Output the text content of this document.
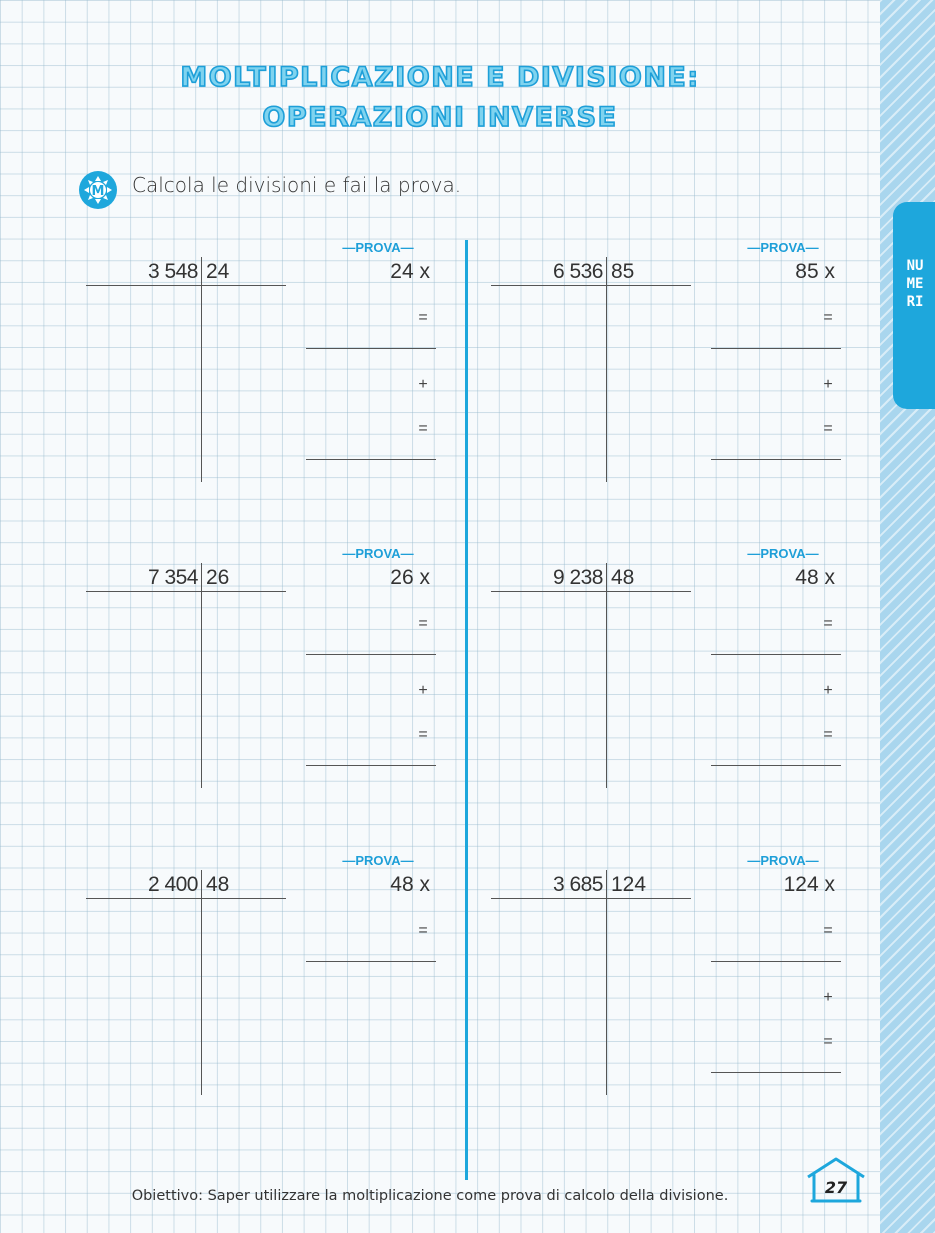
NUMERI
MOLTIPLICAZIONE E DIVISIONE:
OPERAZIONI INVERSE
M Calcola le divisioni e fai la prova.
3 548 24
—PROVA—
24 x
=
+
=
6 536 85
—PROVA—
85 x
=
+
=
7 354 26
—PROVA—
26 x
=
+
=
9 238 48
—PROVA—
48 x
=
+
=
2 400 48
—PROVA—
48 x
=
3 685 124
—PROVA—
124 x
=
+
=
Obiettivo: Saper utilizzare la moltiplicazione come prova di calcolo della divisione.	27
